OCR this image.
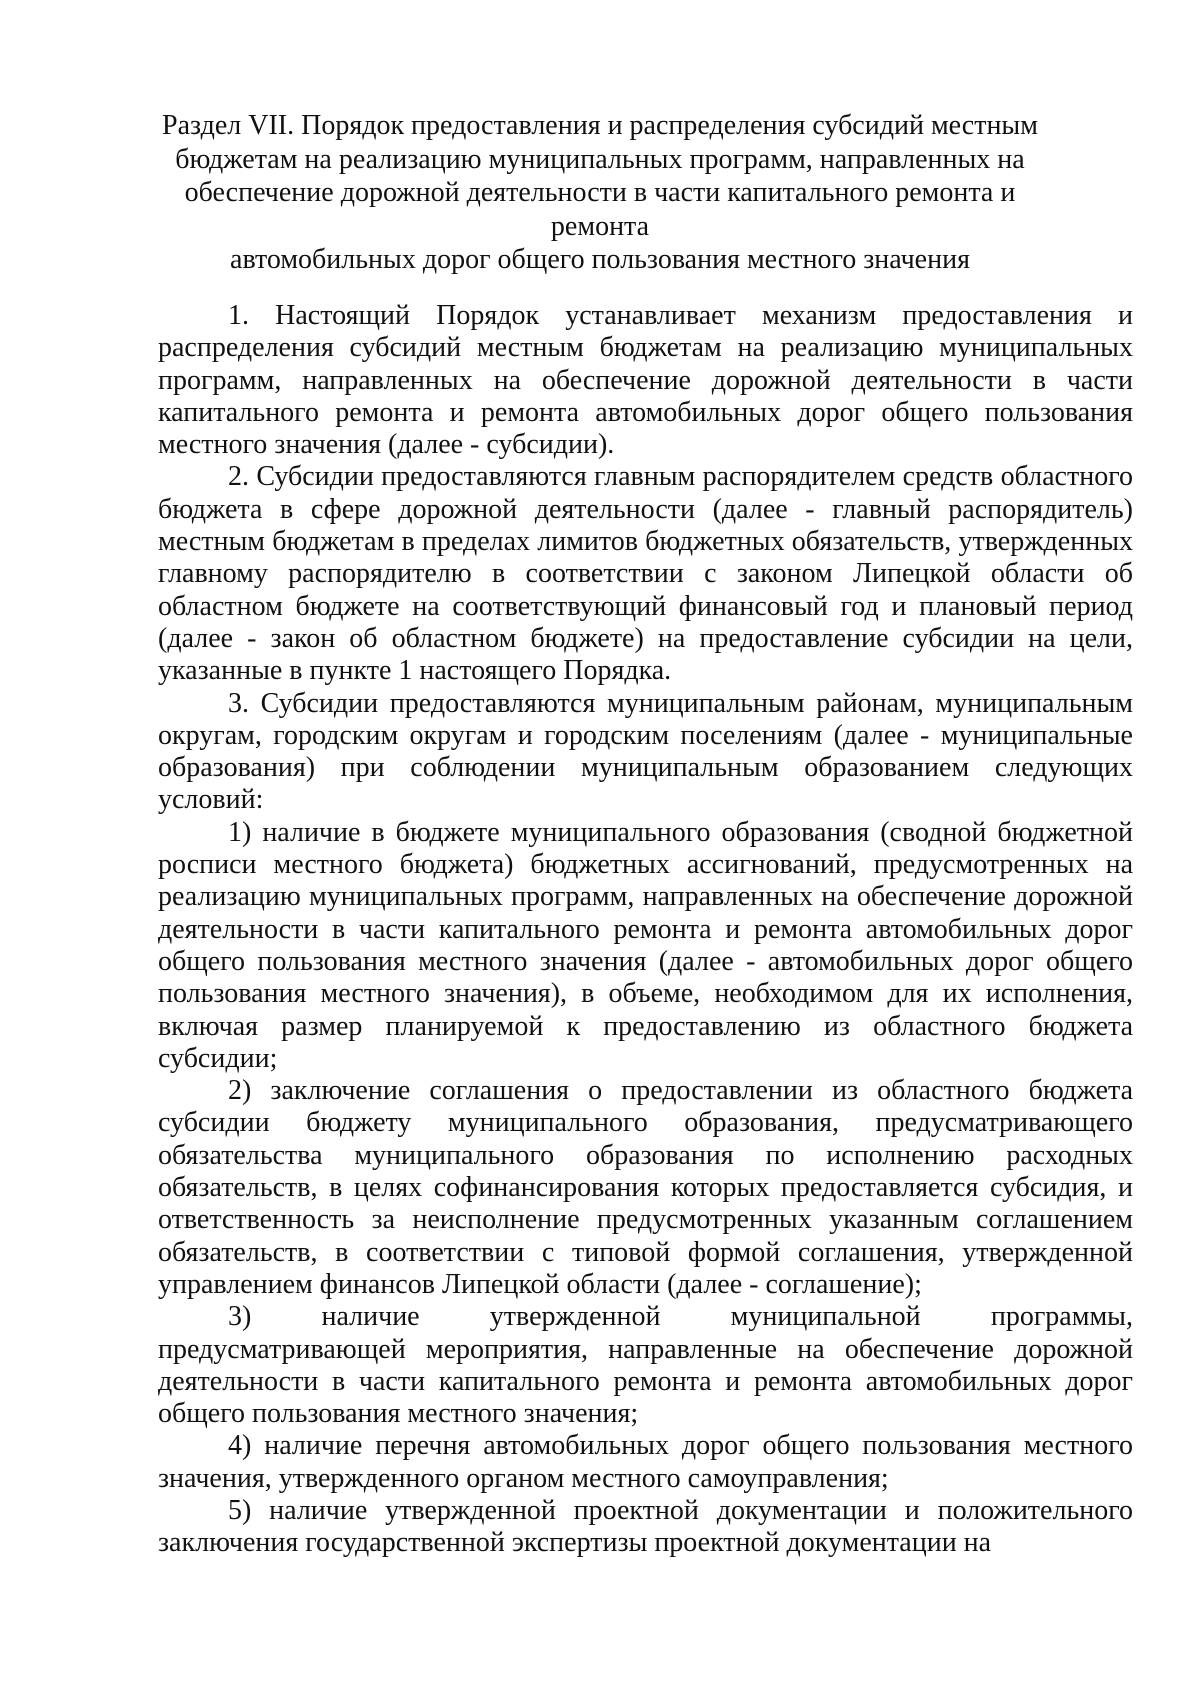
Раздел VII. Порядок предоставления и распределения субсидий местным
бюджетам на реализацию муниципальных программ, направленных на
обеспечение дорожной деятельности в части капитального ремонта и ремонта
автомобильных дорог общего пользования местного значения

1. Настоящий Порядок устанавливает механизм предоставления и распределения субсидий местным бюджетам на реализацию муниципальных программ, направленных на обеспечение дорожной деятельности в части капитального ремонта и ремонта автомобильных дорог общего пользования местного значения (далее - субсидии).

2. Субсидии предоставляются главным распорядителем средств областного бюджета в сфере дорожной деятельности (далее - главный распорядитель) местным бюджетам в пределах лимитов бюджетных обязательств, утвержденных главному распорядителю в соответствии с законом Липецкой области об областном бюджете на соответствующий финансовый год и плановый период (далее - закон об областном бюджете) на предоставление субсидии на цели, указанные в пункте 1 настоящего Порядка.

3. Субсидии предоставляются муниципальным районам, муниципальным округам, городским округам и городским поселениям (далее - муниципальные образования) при соблюдении муниципальным образованием следующих условий:

1) наличие в бюджете муниципального образования (сводной бюджетной росписи местного бюджета) бюджетных ассигнований, предусмотренных на реализацию муниципальных программ, направленных на обеспечение дорожной деятельности в части капитального ремонта и ремонта автомобильных дорог общего пользования местного значения (далее - автомобильных дорог общего пользования местного значения), в объеме, необходимом для их исполнения, включая размер планируемой к предоставлению из областного бюджета субсидии;

2) заключение соглашения о предоставлении из областного бюджета субсидии бюджету муниципального образования, предусматривающего обязательства муниципального образования по исполнению расходных обязательств, в целях софинансирования которых предоставляется субсидия, и ответственность за неисполнение предусмотренных указанным соглашением обязательств, в соответствии с типовой формой соглашения, утвержденной управлением финансов Липецкой области (далее - соглашение);

3) наличие утвержденной муниципальной программы, предусматривающей мероприятия, направленные на обеспечение дорожной деятельности в части капитального ремонта и ремонта автомобильных дорог общего пользования местного значения;

4) наличие перечня автомобильных дорог общего пользования местного значения, утвержденного органом местного самоуправления;

5) наличие утвержденной проектной документации и положительного заключения государственной экспертизы проектной документации на
